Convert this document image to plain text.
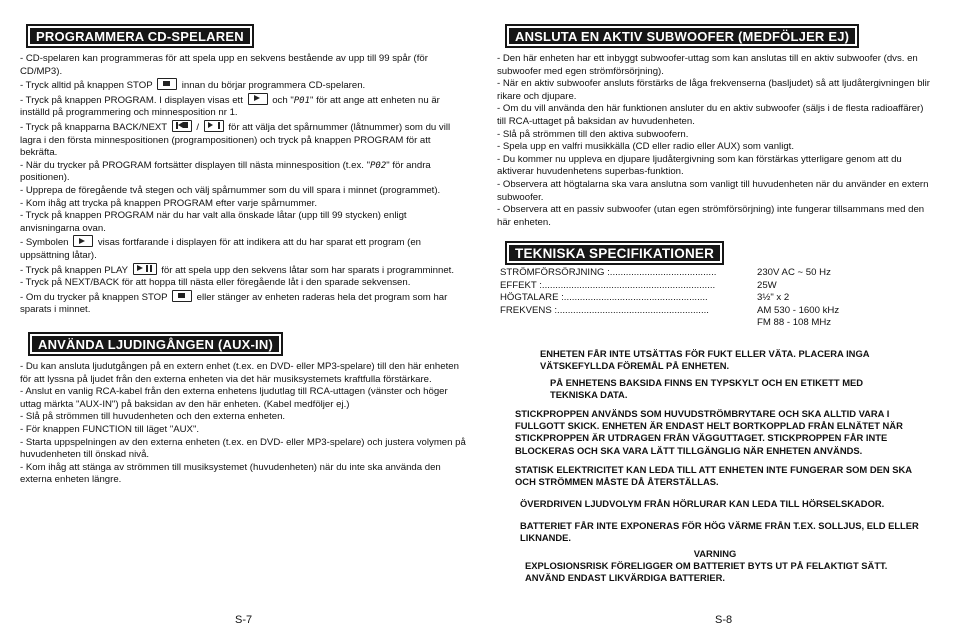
PROGRAMMERA CD-SPELAREN
- CD-spelaren kan programmeras för att spela upp en sekvens bestående av upp till 99 spår (för CD/MP3).
- Tryck alltid på knappen STOP	innan du börjar programmera CD-spelaren.
- Tryck på knappen PROGRAM. I displayen visas ett	och "P01" för att ange att enheten nu är inställd på programmering och minnesposition nr 1.
- Tryck på knapparna BACK/NEXT	/	för att välja det spårnummer (låtnummer) som du vill lagra i den första minnespositionen (programpositionen) och tryck på knappen PROGRAM för att bekräfta.
- När du trycker på PROGRAM fortsätter displayen till nästa minnesposition (t.ex. "P02" för andra positionen).
- Upprepa de föregående två stegen och välj spårnummer som du vill spara i minnet (programmet).
- Kom ihåg att trycka på knappen PROGRAM efter varje spårnummer.
- Tryck på knappen PROGRAM när du har valt alla önskade låtar (upp till 99 stycken) enligt anvisningarna ovan.
- Symbolen	visas fortfarande i displayen för att indikera att du har sparat ett program (en uppsättning låtar).
- Tryck på knappen PLAY	för att spela upp den sekvens låtar som har sparats i programminnet.
- Tryck på NEXT/BACK för att hoppa till nästa eller föregående låt i den sparade sekvensen.
- Om du trycker på knappen STOP	eller stänger av enheten raderas hela det program som har sparats i minnet.
ANVÄNDA LJUDINGÅNGEN (AUX-IN)
- Du kan ansluta ljudutgången på en extern enhet (t.ex. en DVD- eller MP3-spelare) till den här enheten för att lyssna på ljudet från den externa enheten via det här musiksystemets kraftfulla förstärkare.
- Anslut en vanlig RCA-kabel från den externa enhetens ljudutlag till RCA-uttagen (vänster och höger uttag märkta "AUX-IN") på baksidan av den här enheten. (Kabel medföljer ej.)
- Slå på strömmen till huvudenheten och den externa enheten.
- För knappen FUNCTION till läget "AUX".
- Starta uppspelningen av den externa enheten (t.ex. en DVD- eller MP3-spelare) och justera volymen på huvudenheten till önskad nivå.
- Kom ihåg att stänga av strömmen till musiksystemet (huvudenheten) när du inte ska använda den externa enheten längre.
S-7
ANSLUTA EN AKTIV SUBWOOFER (MEDFÖLJER EJ)
- Den här enheten har ett inbyggt subwoofer-uttag som kan anslutas till en aktiv subwoofer (dvs. en subwoofer med egen strömförsörjning).
- När en aktiv subwoofer ansluts förstärks de låga frekvenserna (basljudet) så att ljudåtergivningen blir rikare och djupare.
- Om du vill använda den här funktionen ansluter du en aktiv subwoofer (säljs i de flesta radioaffärer) till RCA-uttaget på baksidan av huvudenheten.
- Slå på strömmen till den aktiva subwoofern.
- Spela upp en valfri musikkälla (CD eller radio eller AUX) som vanligt.
- Du kommer nu uppleva en djupare ljudåtergivning som kan förstärkas ytterligare genom att du aktiverar huvudenhetens superbas-funktion.
- Observera att högtalarna ska vara anslutna som vanligt till huvudenheten när du använder en extern subwoofer.
- Observera att en passiv subwoofer (utan egen strömförsörjning) inte fungerar tillsammans med den här enheten.
TEKNISKA SPECIFIKATIONER
STRÖMFÖRSÖRJNING :........................................	230V AC ~ 50 Hz
EFFEKT :.................................................................	25W
HÖGTALARE :......................................................	3½" x 2
FREKVENS :.........................................................	AM 530 - 1600 kHz
FM 88 - 108 MHz
ENHETEN FÅR INTE UTSÄTTAS FÖR FUKT ELLER VÄTA. PLACERA INGA VÄTSKEFYLLDA FÖREMÅL PÅ ENHETEN.
PÅ ENHETENS BAKSIDA FINNS EN TYPSKYLT OCH EN ETIKETT MED TEKNISKA DATA.
STICKPROPPEN ANVÄNDS SOM HUVUDSTRÖMBRYTARE OCH SKA ALLTID VARA I FULLGOTT SKICK. ENHETEN ÄR ENDAST HELT BORTKOPPLAD FRÅN ELNÄTET NÄR STICKPROPPEN ÄR UTDRAGEN FRÅN VÄGGUTTAGET. STICKPROPPEN FÅR INTE BLOCKERAS OCH SKA VARA LÄTT TILLGÄNGLIG NÄR ENHETEN ANVÄNDS.
STATISK ELEKTRICITET KAN LEDA TILL ATT ENHETEN INTE FUNGERAR SOM DEN SKA OCH STRÖMMEN MÅSTE DÅ ÅTERSTÄLLAS.
ÖVERDRIVEN LJUDVOLYM FRÅN HÖRLURAR KAN LEDA TILL HÖRSELSKADOR.
BATTERIET FÅR INTE EXPONERAS FÖR HÖG VÄRME FRÅN T.EX. SOLLJUS, ELD ELLER LIKNANDE.
VARNING
EXPLOSIONSRISK FÖRELIGGER OM BATTERIET BYTS UT PÅ FELAKTIGT SÄTT. ANVÄND ENDAST LIKVÄRDIGA BATTERIER.
S-8
